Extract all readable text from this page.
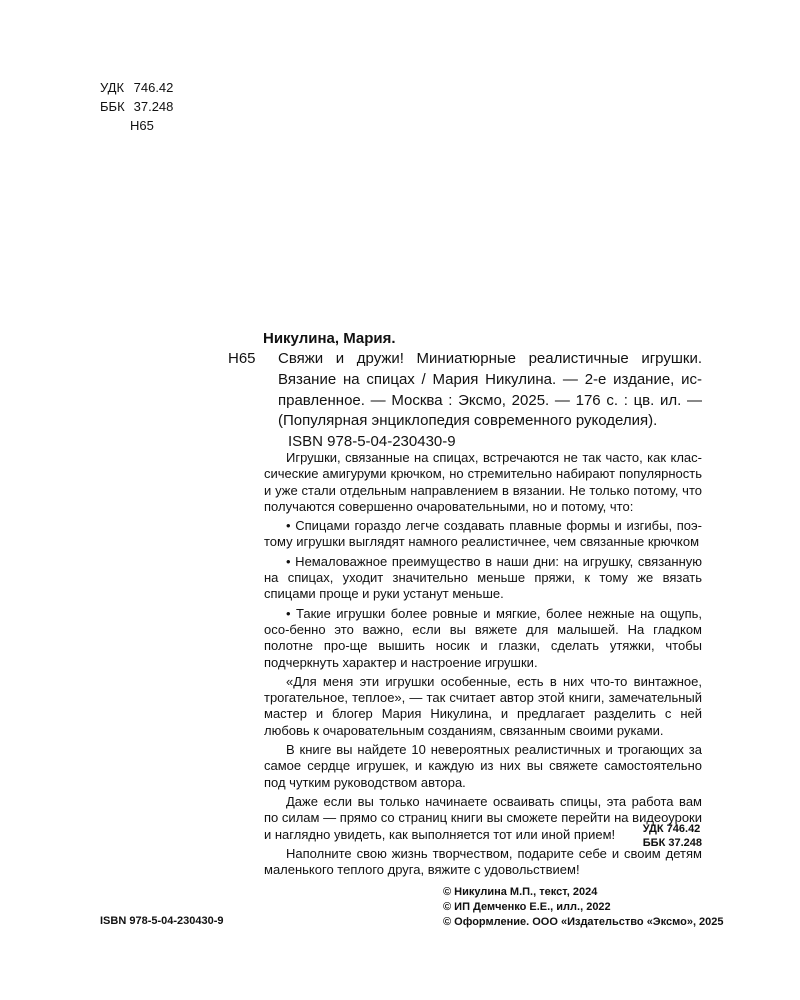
УДК 746.42
ББК 37.248
Н65
Никулина, Мария.
Н65 Свяжи и дружи! Миниатюрные реалистичные игрушки.
Вязание на спицах / Мария Никулина. — 2-е издание, ис-
правленное. — Москва : Эксмо, 2025. — 176 с. : цв. ил. —
(Популярная энциклопедия современного рукоделия).
ISBN 978-5-04-230430-9

Игрушки, связанные на спицах, встречаются не так часто, как клас-сические амигуруми крючком, но стремительно набирают популярность и уже стали отдельным направлением в вязании. Не только потому, что получаются совершенно очаровательными, но и потому, что:

• Спицами гораздо легче создавать плавные формы и изгибы, поэ-тому игрушки выглядят намного реалистичнее, чем связанные крючком

• Немаловажное преимущество в наши дни: на игрушку, связанную на спицах, уходит значительно меньше пряжи, к тому же вязать спицами проще и руки устанут меньше.

• Такие игрушки более ровные и мягкие, более нежные на ощупь, осо-бенно это важно, если вы вяжете для малышей. На гладком полотне про-ще вышить носик и глазки, сделать утяжки, чтобы подчеркнуть характер и настроение игрушки.

«Для меня эти игрушки особенные, есть в них что-то винтажное, трогательное, теплое», — так считает автор этой книги, замечательный мастер и блогер Мария Никулина, и предлагает разделить с ней любовь к очаровательным созданиям, связанным своими руками.

В книге вы найдете 10 невероятных реалистичных и трогающих за самое сердце игрушек, и каждую из них вы свяжете самостоятельно под чутким руководством автора.

Даже если вы только начинаете осваивать спицы, эта работа вам по силам — прямо со страниц книги вы сможете перейти на видеоуроки и наглядно увидеть, как выполняется тот или иной прием!

Наполните свою жизнь творчеством, подарите себе и своим детям маленького теплого друга, вяжите с удовольствием!

УДК 746.42
ББК 37.248
© Никулина М.П., текст, 2024
© ИП Демченко Е.Е., илл., 2022
© Оформление. ООО «Издательство «Эксмо», 2025
ISBN 978-5-04-230430-9
